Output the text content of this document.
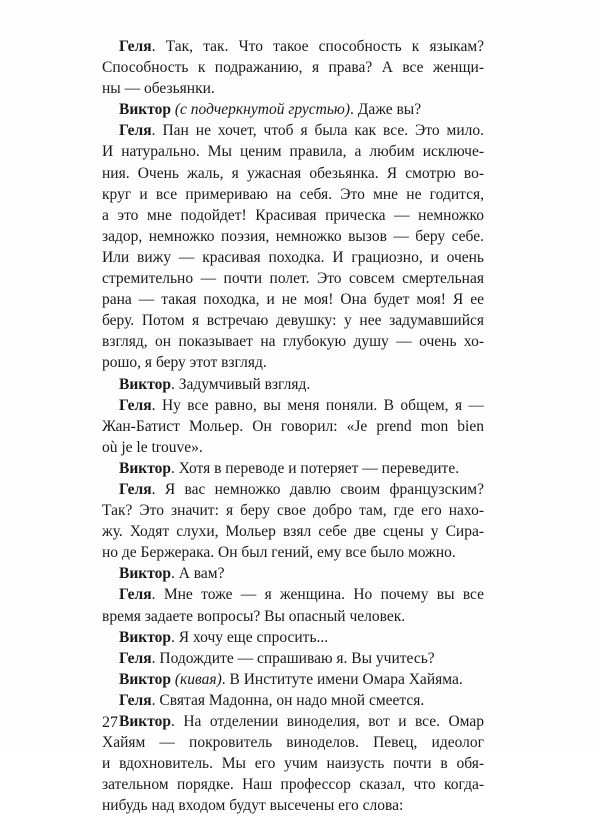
Геля. Так, так. Что такое способность к языкам?
Способность к подражанию, я права? А все женщи-
ны — обезьянки.
Виктор (с подчеркнутой грустью). Даже вы?
Геля. Пан не хочет, чтоб я была как все. Это мило.
И натурально. Мы ценим правила, а любим исключе-
ния. Очень жаль, я ужасная обезьянка. Я смотрю во-
круг и все примериваю на себя. Это мне не годится,
а это мне подойдет! Красивая прическа — немножко
задор, немножко поэзия, немножко вызов — беру себе.
Или вижу — красивая походка. И грациозно, и очень
стремительно — почти полет. Это совсем смертельная
рана — такая походка, и не моя! Она будет моя! Я ее
беру. Потом я встречаю девушку: у нее задумавшийся
взгляд, он показывает на глубокую душу — очень хо-
рошо, я беру этот взгляд.
Виктор. Задумчивый взгляд.
Геля. Ну все равно, вы меня поняли. В общем, я —
Жан-Батист Мольер. Он говорил: «Je prend mon bien
où je le trouve».
Виктор. Хотя в переводе и потеряет — переведите.
Геля. Я вас немножко давлю своим французским?
Так? Это значит: я беру свое добро там, где его нахо-
жу. Ходят слухи, Мольер взял себе две сцены у Сира-
но де Бержерака. Он был гений, ему все было можно.
Виктор. А вам?
Геля. Мне тоже — я женщина. Но почему вы все
время задаете вопросы? Вы опасный человек.
Виктор. Я хочу еще спросить...
Геля. Подождите — спрашиваю я. Вы учитесь?
Виктор (кивая). В Институте имени Омара Хайяма.
Геля. Святая Мадонна, он надо мной смеется.
Виктор. На отделении виноделия, вот и все. Омар
Хайям — покровитель виноделов. Певец, идеолог
и вдохновитель. Мы его учим наизусть почти в обя-
зательном порядке. Наш профессор сказал, что когда-
нибудь над входом будут высечены его слова:
27
